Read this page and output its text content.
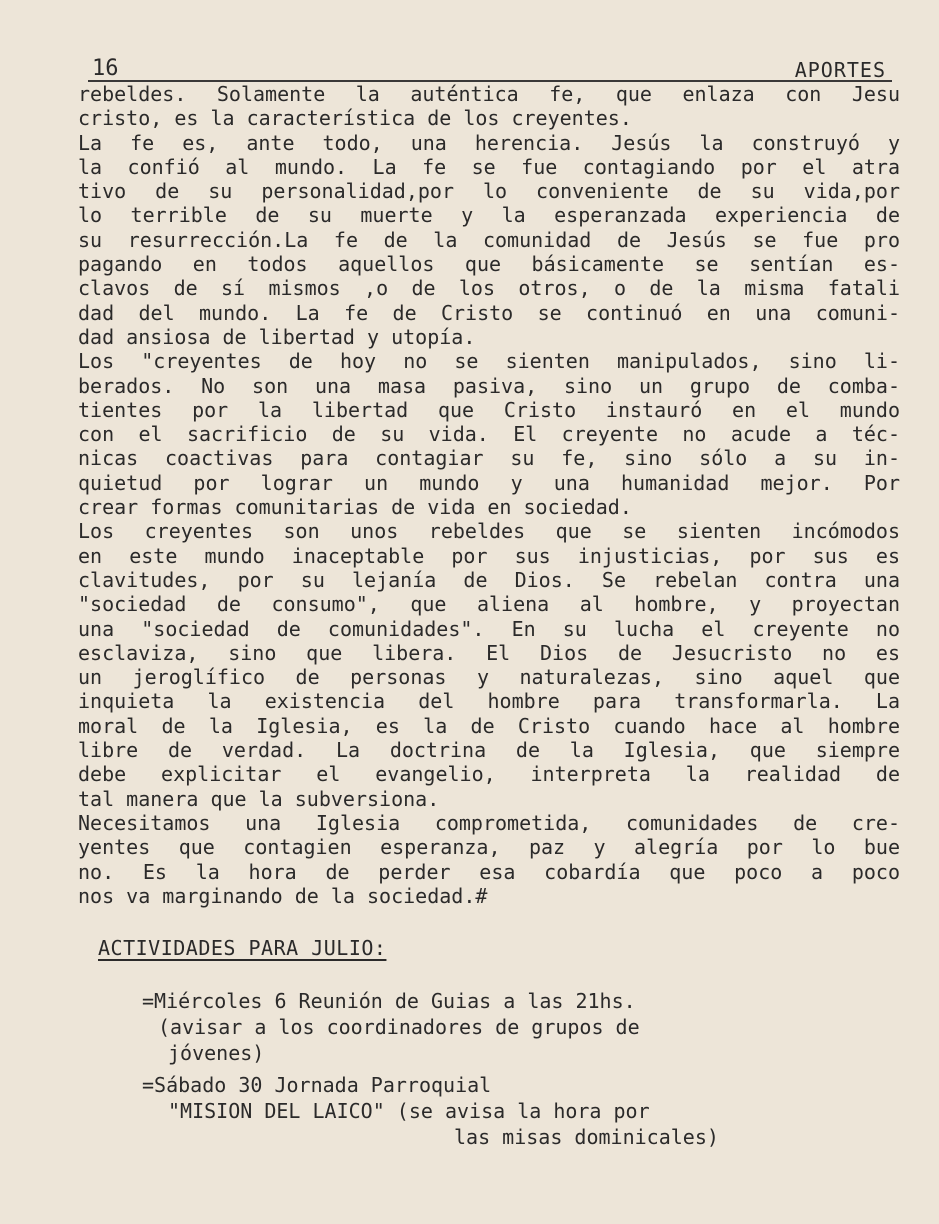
16	APORTES
rebeldes. Solamente la auténtica fe, que enlaza con Jesu
cristo, es la característica de los creyentes.
La fe es, ante todo, una herencia. Jesús la construyó y
la confió al mundo. La fe se fue contagiando por el atra
tivo de su personalidad,por lo conveniente de su vida,por
lo terrible de su muerte y la esperanzada experiencia de
su resurrección.La fe de la comunidad de Jesús se fue pro
pagando en todos aquellos que básicamente se sentían es-
clavos de sí mismos ,o de los otros, o de la misma fatali
dad del mundo. La fe de Cristo se continuó en una comuni-
dad ansiosa de libertad y utopía.
Los "creyentes de hoy no se sienten manipulados, sino li-
berados. No son una masa pasiva, sino un grupo de comba-
tientes por la libertad que Cristo instauró en el mundo
con el sacrificio de su vida. El creyente no acude a téc-
nicas coactivas para contagiar su fe, sino sólo a su in-
quietud por lograr un mundo y una humanidad mejor. Por
crear formas comunitarias de vida en sociedad.
Los creyentes son unos rebeldes que se sienten incómodos
en este mundo inaceptable por sus injusticias, por sus es
clavitudes, por su lejanía de Dios. Se rebelan contra una
"sociedad de consumo", que aliena al hombre, y proyectan
una "sociedad de comunidades". En su lucha el creyente no
esclaviza, sino que libera. El Dios de Jesucristo no es
un jeroglífico de personas y naturalezas, sino aquel que
inquieta la existencia del hombre para transformarla. La
moral de la Iglesia, es la de Cristo cuando hace al hombre
libre de verdad. La doctrina de la Iglesia, que siempre
debe explicitar el evangelio, interpreta la realidad de
tal manera que la subversiona.
Necesitamos una Iglesia comprometida, comunidades de cre-
yentes que contagien esperanza, paz y alegría por lo bue
no. Es la hora de perder esa cobardía que poco a poco
nos va marginando de la sociedad.#
ACTIVIDADES PARA JULIO:
=Miércoles 6 Reunión de Guias a las 21hs.
(avisar a los coordinadores de grupos de
jóvenes)
=Sábado 30 Jornada Parroquial
"MISION DEL LAICO" (se avisa la hora por
las misas dominicales)
